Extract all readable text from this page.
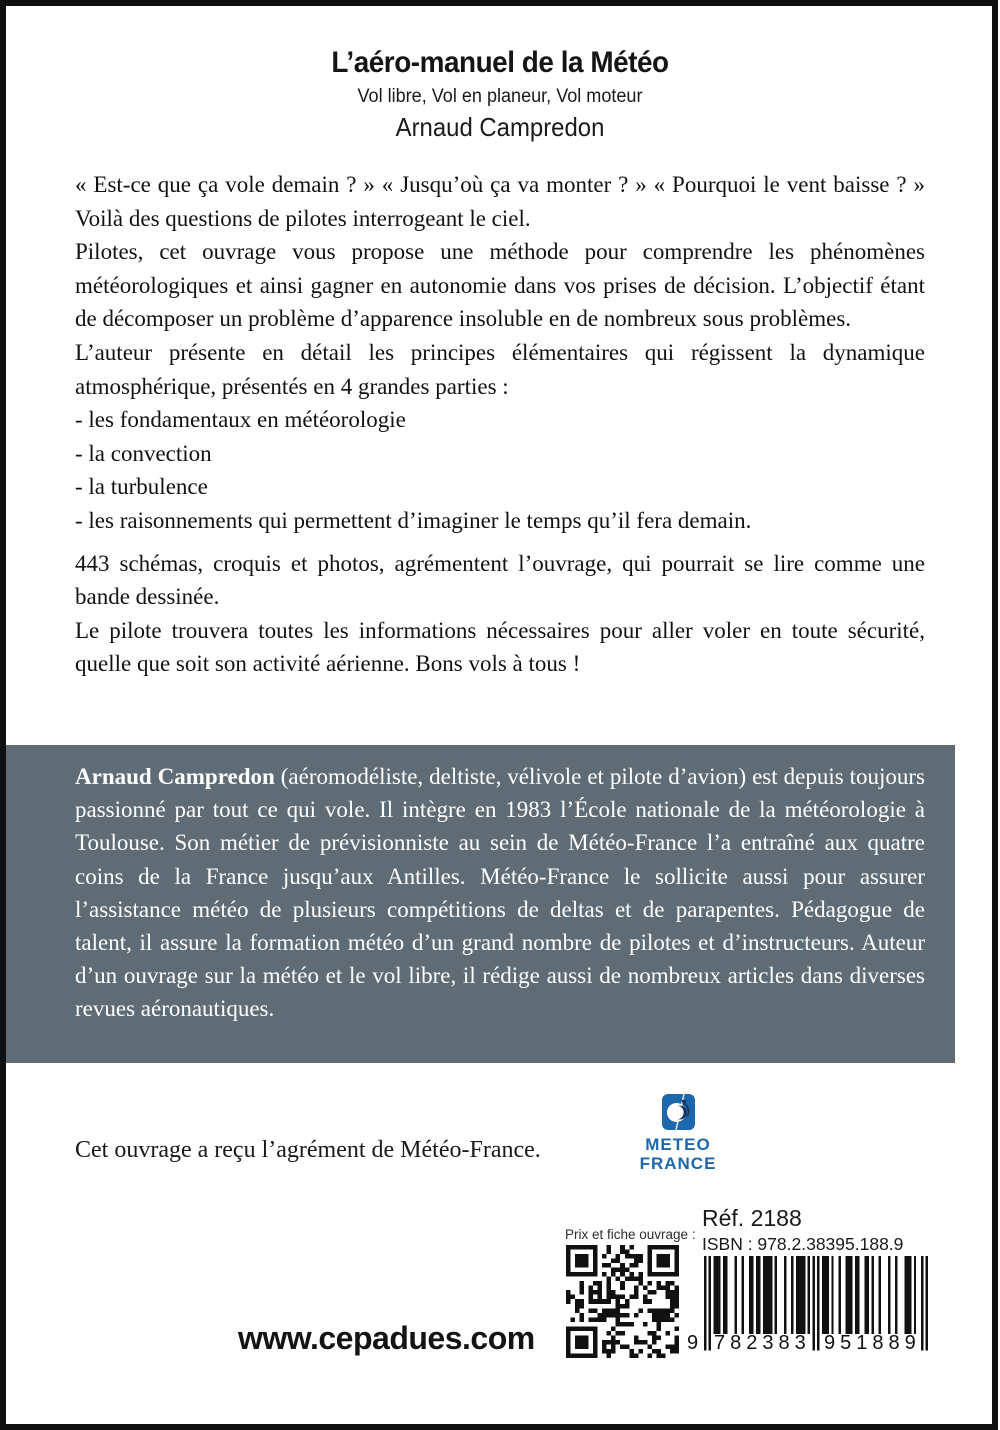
L’aéro-manuel de la Météo
Vol libre, Vol en planeur, Vol moteur
Arnaud Campredon

« Est-ce que ça vole demain ? » « Jusqu’où ça va monter ? » « Pourquoi le vent baisse ? » Voilà des questions de pilotes interrogeant le ciel.

Pilotes, cet ouvrage vous propose une méthode pour comprendre les phénomènes météorologiques et ainsi gagner en autonomie dans vos prises de décision. L’objectif étant de décomposer un problème d’apparence insoluble en de nombreux sous problèmes.

L’auteur présente en détail les principes élémentaires qui régissent la dynamique atmosphérique, présentés en 4 grandes parties :

- les fondamentaux en météorologie

- la convection

- la turbulence

- les raisonnements qui permettent d’imaginer le temps qu’il fera demain.

443 schémas, croquis et photos, agrémentent l’ouvrage, qui pourrait se lire comme une bande dessinée.

Le pilote trouvera toutes les informations nécessaires pour aller voler en toute sécurité, quelle que soit son activité aérienne. Bons vols à tous !

Arnaud Campredon (aéromodéliste, deltiste, vélivole et pilote d’avion) est depuis toujours passionné par tout ce qui vole. Il intègre en 1983 l’École nationale de la météorologie à Toulouse. Son métier de prévisionniste au sein de Météo-France l’a entraîné aux quatre coins de la France jusqu’aux Antilles. Météo-France le sollicite aussi pour assurer l’assistance météo de plusieurs compétitions de deltas et de parapentes. Pédagogue de talent, il assure la formation météo d’un grand nombre de pilotes et d’instructeurs. Auteur d’un ouvrage sur la météo et le vol libre, il rédige aussi de nombreux articles dans diverses revues aéronautiques.

Cet ouvrage a reçu l’agrément de Météo-France.	METEO
FRANCE
Prix et fiche ouvrage :
Réf. 2188
ISBN : 978.2.38395.188.9
9 782383 951889
www.cepadues.com
